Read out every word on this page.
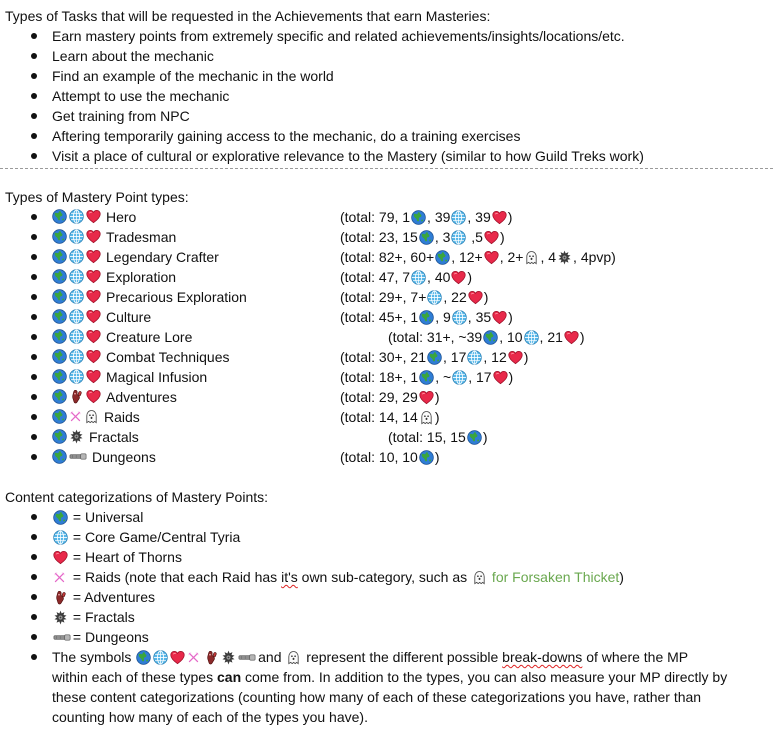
Types of Tasks that will be requested in the Achievements that earn Masteries:
Earn mastery points from extremely specific and related achievements/insights/locations/etc.
Learn about the mechanic
Find an example of the mechanic in the world
Attempt to use the mechanic
Get training from NPC
Aftering temporarily gaining access to the mechanic, do a training exercises
Visit a place of cultural or explorative relevance to the Mastery (similar to how Guild Treks work)
Types of Mastery Point types:
Hero	(total: 79, 1 , 39 , 39 )
Tradesman	(total: 23, 15 , 3 ,5 )
Legendary Crafter	(total: 82+, 60+ , 12+ , 2+ , 4 , 4pvp)
Exploration	(total: 47, 7 , 40 )
Precarious Exploration	(total: 29+, 7+ , 22 )
Culture	(total: 45+, 1 , 9 , 35 )
Creature Lore	(total: 31+, ~39 , 10 , 21 )
Combat Techniques	(total: 30+, 21 , 17 , 12 )
Magical Infusion	(total: 18+, 1 , ~ , 17 )
Adventures	(total: 29, 29 )
Raids	(total: 14, 14 )
Fractals	(total: 15, 15 )
Dungeons	(total: 10, 10 )
Content categorizations of Mastery Points:
= Universal
= Core Game/Central Tyria
= Heart of Thorns
= Raids (note that each Raid has it's own sub-category, such as  for Forsaken Thicket)
= Adventures
= Fractals
= Dungeons
The symbols	and  represent the different possible break-downs of where the MP
within each of these types can come from. In addition to the types, you can also measure your MP directly by
these content categorizations (counting how many of each of these categorizations you have, rather than
counting how many of each of the types you have).
